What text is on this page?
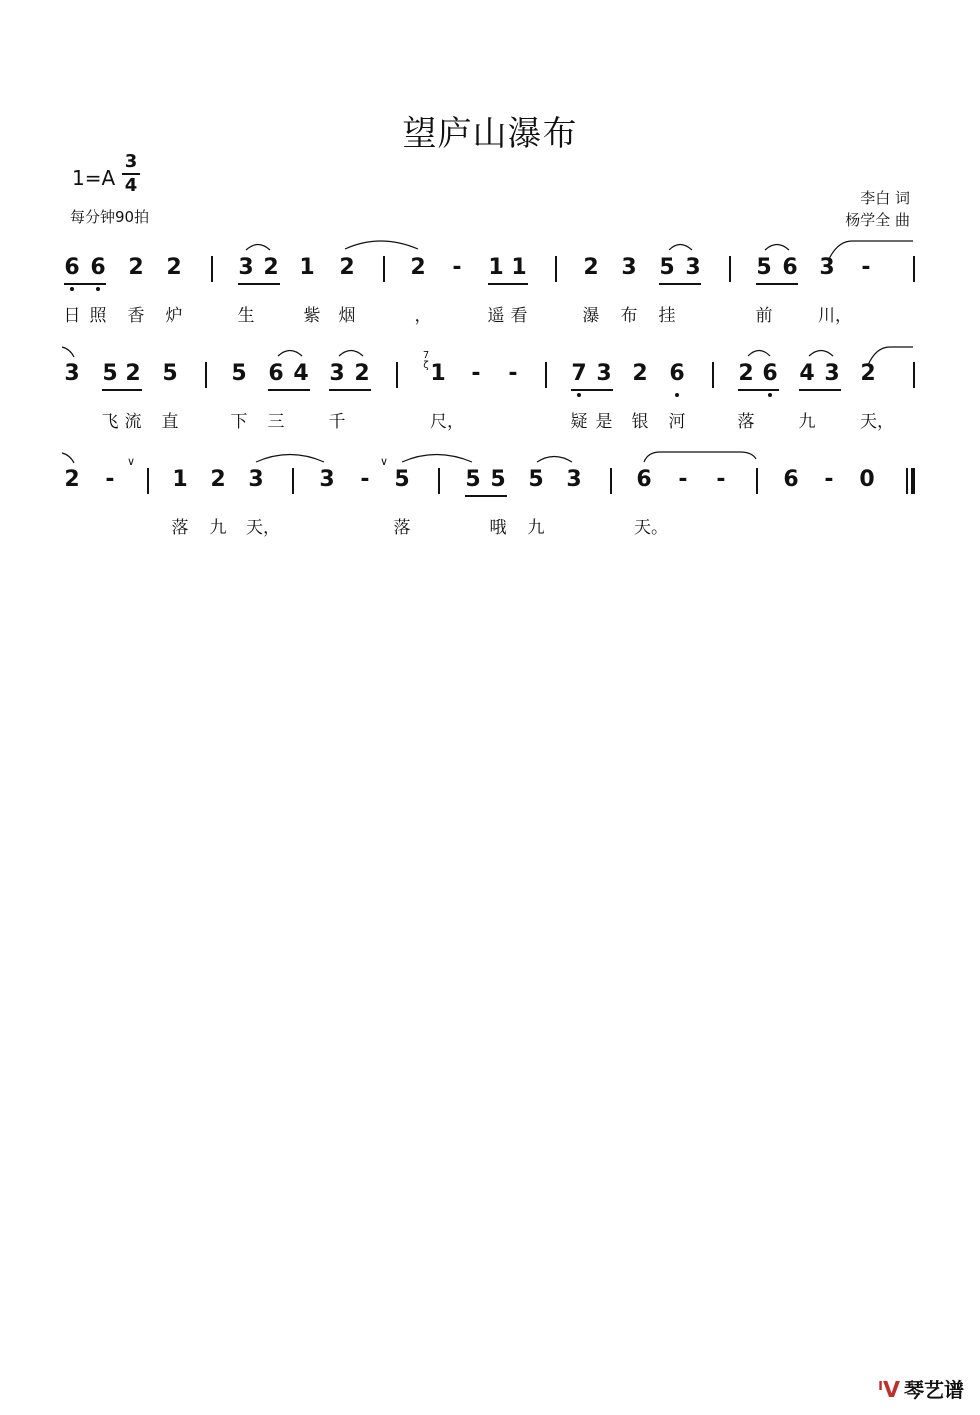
望庐山瀑布
1=A
3
4
每分钟90拍
李白 词
杨学全 曲
6 6 2 2	3 2 1 2	2 - 1 1	2 3 5 3	5 6 3 -
日 照	香	炉	生	紫	烟	，	遥 看	瀑	布	挂	前	川，
3 5 2 5 5 6 4 3 2
7
ζ 1 - - 7 3 2 6 2 6 4 3 2
飞 流	直	下	三	千	尺，	疑 是	银	河	落	九	天，
2 -
∨
1 2 3	3 -
∨
5	5 5 5 3 6 - -	6 - 0
落	九	天，	落	哦	九	天。
ᑊᐯ 琴艺谱
